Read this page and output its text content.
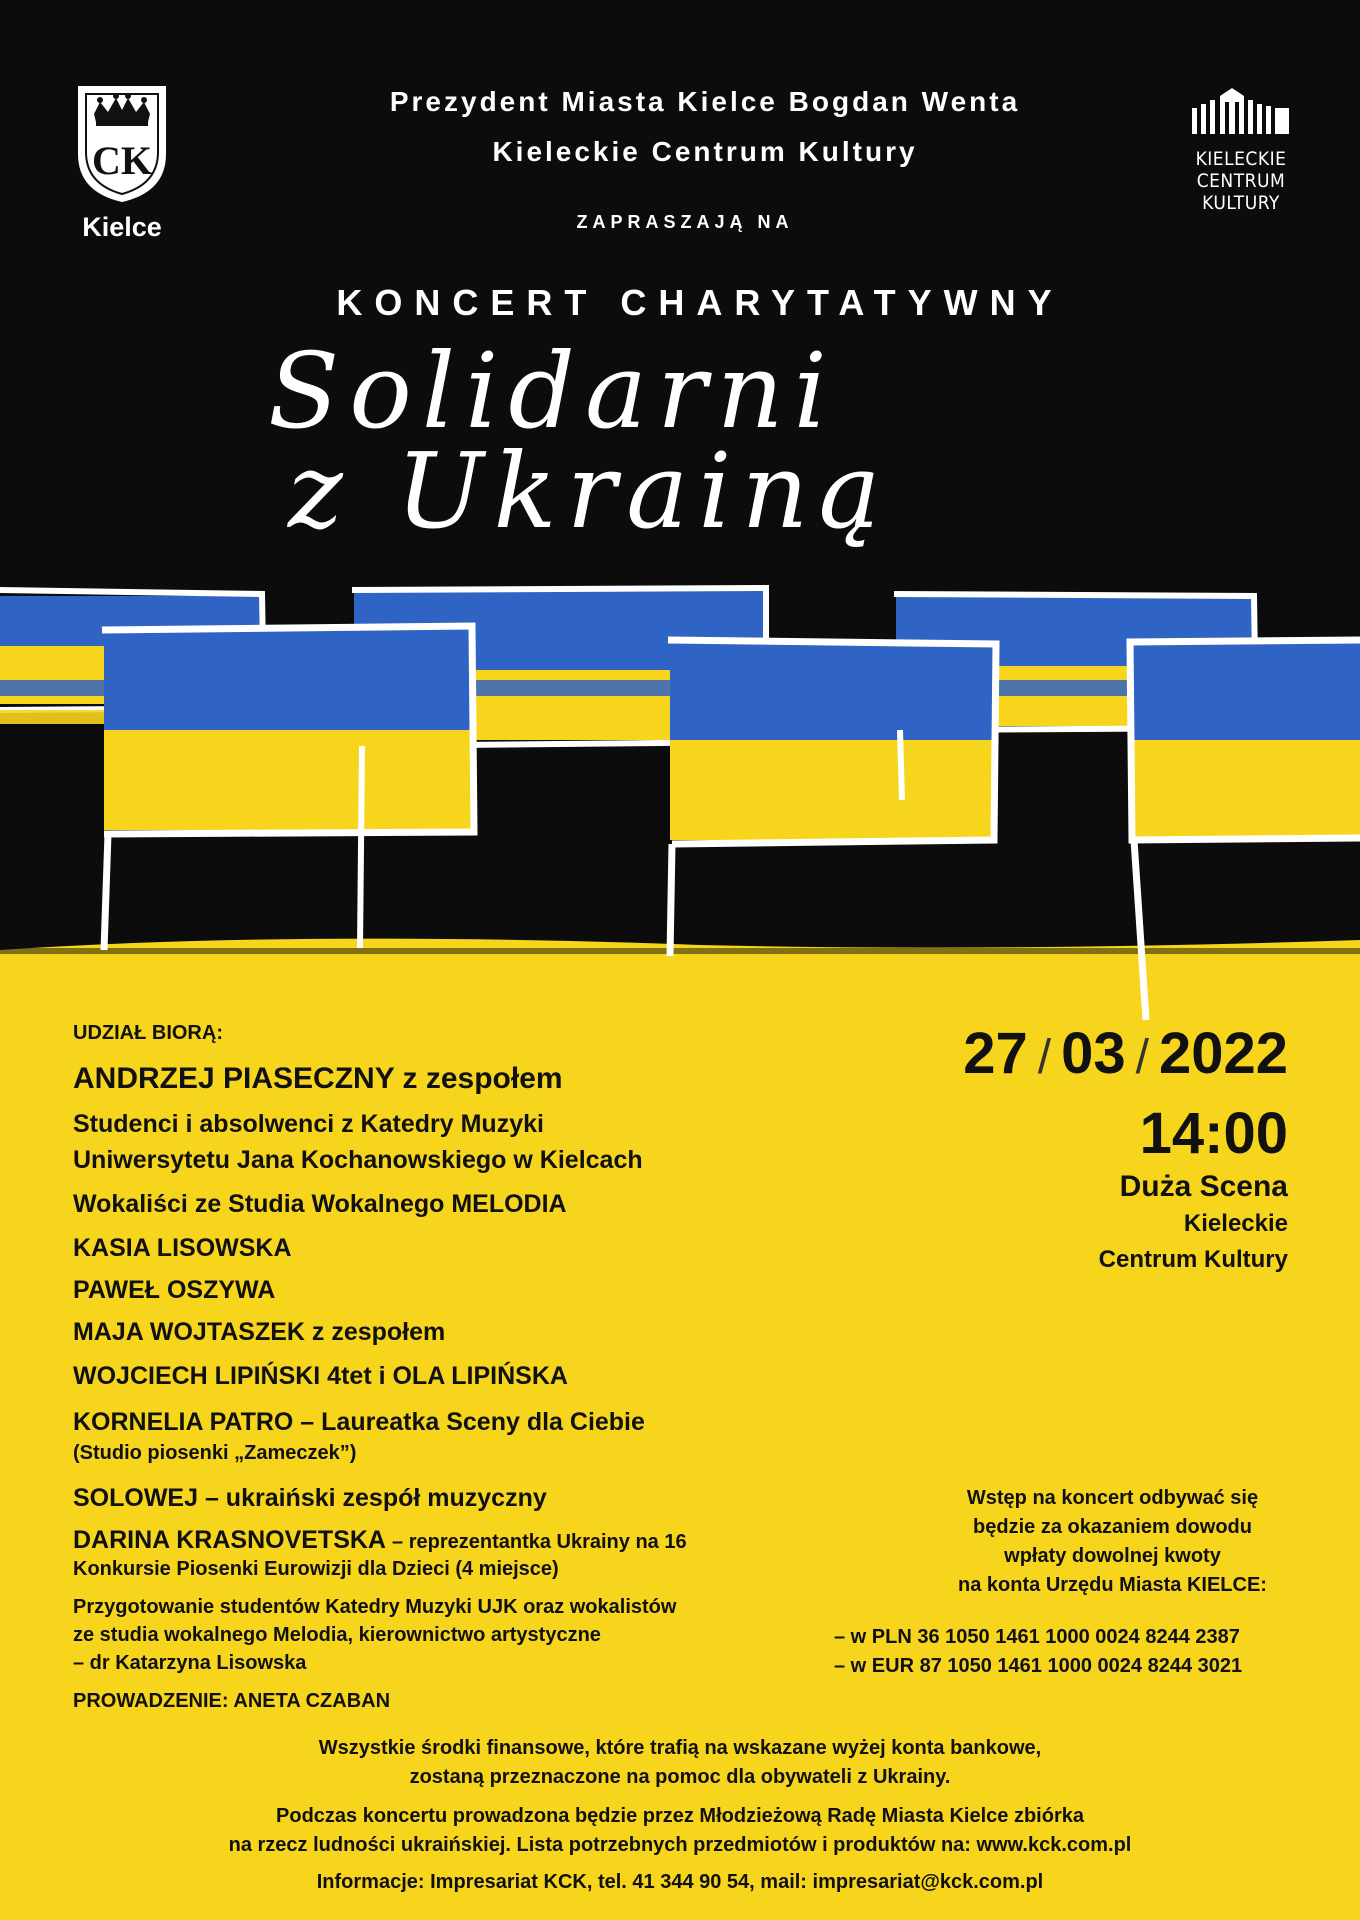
CK
Kielce
KIELECKIE
CENTRUM
KULTURY
Prezydent Miasta Kielce Bogdan Wenta
Kieleckie Centrum Kultury
ZAPRASZAJĄ NA
KONCERT CHARYTATYWNY
Solidarni
z Ukrainą
UDZIAŁ BIORĄ:
ANDRZEJ PIASECZNY z zespołem
Studenci i absolwenci z Katedry Muzyki
Uniwersytetu Jana Kochanowskiego w Kielcach
Wokaliści ze Studia Wokalnego MELODIA
KASIA LISOWSKA
PAWEŁ OSZYWA
MAJA WOJTASZEK z zespołem
WOJCIECH LIPIŃSKI 4tet i OLA LIPIŃSKA
KORNELIA PATRO – Laureatka Sceny dla Ciebie
(Studio piosenki „Zameczek”)
SOLOWEJ – ukraiński zespół muzyczny
DARINA KRASNOVETSKA – reprezentantka Ukrainy na 16
Konkursie Piosenki Eurowizji dla Dzieci (4 miejsce)
Przygotowanie studentów Katedry Muzyki UJK oraz wokalistów
ze studia wokalnego Melodia, kierownictwo artystyczne
– dr Katarzyna Lisowska
PROWADZENIE: ANETA CZABAN
27 / 03 / 2022
14:00
Duża Scena
Kieleckie
Centrum Kultury
Wstęp na koncert odbywać się
będzie za okazaniem dowodu
wpłaty dowolnej kwoty
na konta Urzędu Miasta KIELCE:
– w PLN 36 1050 1461 1000 0024 8244 2387
– w EUR 87 1050 1461 1000 0024 8244 3021
Wszystkie środki finansowe, które trafią na wskazane wyżej konta bankowe,
zostaną przeznaczone na pomoc dla obywateli z Ukrainy.
Podczas koncertu prowadzona będzie przez Młodzieżową Radę Miasta Kielce zbiórka
na rzecz ludności ukraińskiej. Lista potrzebnych przedmiotów i produktów na: www.kck.com.pl
Informacje: Impresariat KCK, tel. 41 344 90 54, mail: impresariat@kck.com.pl
